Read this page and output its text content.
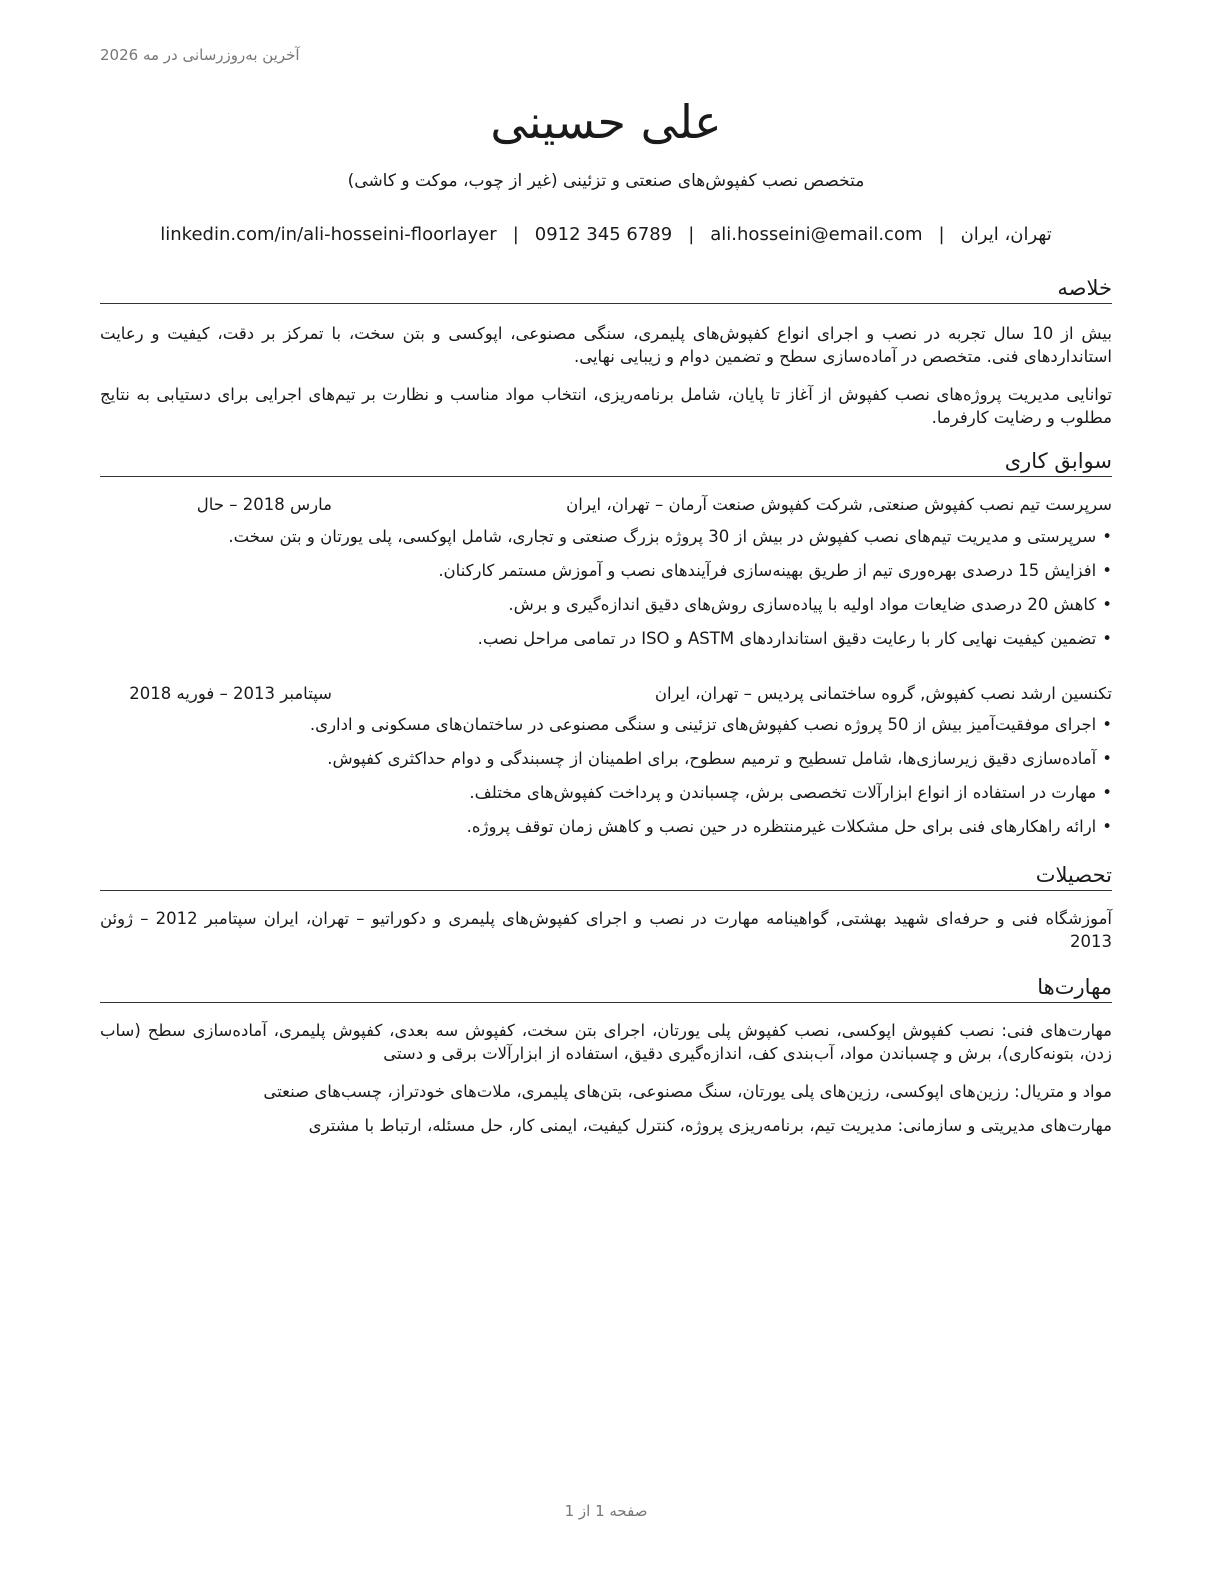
آخرین به‌روزرسانی در مه 2026
علی حسینی
متخصص نصب کفپوش‌های صنعتی و تزئینی (غیر از چوب، موکت و کاشی)
تهران، ایران|ali.hosseini@email.com|0912 345 6789|linkedin.com/in/ali-hosseini-floorlayer
خلاصه
بیش از 10 سال تجربه در نصب و اجرای انواع کفپوش‌های پلیمری، سنگی مصنوعی، اپوکسی و بتن سخت، با تمرکز بر دقت، کیفیت و رعایت استانداردهای فنی. متخصص در آماده‌سازی سطح و تضمین دوام و زیبایی نهایی.
توانایی مدیریت پروژه‌های نصب کفپوش از آغاز تا پایان، شامل برنامه‌ریزی، انتخاب مواد مناسب و نظارت بر تیم‌های اجرایی برای دستیابی به نتایج مطلوب و رضایت کارفرما.
سوابق کاری
سرپرست تیم نصب کفپوش صنعتی, شرکت کفپوش صنعت آرمان – تهران، ایران
مارس 2018 – حال
• سرپرستی و مدیریت تیم‌های نصب کفپوش در بیش از 30 پروژه بزرگ صنعتی و تجاری، شامل اپوکسی، پلی یورتان و بتن سخت.
• افزایش 15 درصدی بهره‌وری تیم از طریق بهینه‌سازی فرآیندهای نصب و آموزش مستمر کارکنان.
• کاهش 20 درصدی ضایعات مواد اولیه با پیاده‌سازی روش‌های دقیق اندازه‌گیری و برش.
• تضمین کیفیت نهایی کار با رعایت دقیق استانداردهای ASTM و ISO در تمامی مراحل نصب.
تکنسین ارشد نصب کفپوش, گروه ساختمانی پردیس – تهران، ایران
سپتامبر 2013 – فوریه 2018
• اجرای موفقیت‌آمیز بیش از 50 پروژه نصب کفپوش‌های تزئینی و سنگی مصنوعی در ساختمان‌های مسکونی و اداری.
• آماده‌سازی دقیق زیرسازی‌ها، شامل تسطیح و ترمیم سطوح، برای اطمینان از چسبندگی و دوام حداکثری کفپوش.
• مهارت در استفاده از انواع ابزارآلات تخصصی برش، چسباندن و پرداخت کفپوش‌های مختلف.
• ارائه راهکارهای فنی برای حل مشکلات غیرمنتظره در حین نصب و کاهش زمان توقف پروژه.
تحصیلات
آموزشگاه فنی و حرفه‌ای شهید بهشتی, گواهینامه مهارت در نصب و اجرای کفپوش‌های پلیمری و دکوراتیو – تهران، ایران سپتامبر 2012 – ژوئن 2013
مهارت‌ها
مهارت‌های فنی: نصب کفپوش اپوکسی، نصب کفپوش پلی یورتان، اجرای بتن سخت، کفپوش سه بعدی، کفپوش پلیمری، آماده‌سازی سطح (ساب زدن، بتونه‌کاری)، برش و چسباندن مواد، آب‌بندی کف، اندازه‌گیری دقیق، استفاده از ابزارآلات برقی و دستی
مواد و متریال: رزین‌های اپوکسی، رزین‌های پلی یورتان، سنگ مصنوعی، بتن‌های پلیمری، ملات‌های خودتراز، چسب‌های صنعتی
مهارت‌های مدیریتی و سازمانی: مدیریت تیم، برنامه‌ریزی پروژه، کنترل کیفیت، ایمنی کار، حل مسئله، ارتباط با مشتری
صفحه 1 از 1
